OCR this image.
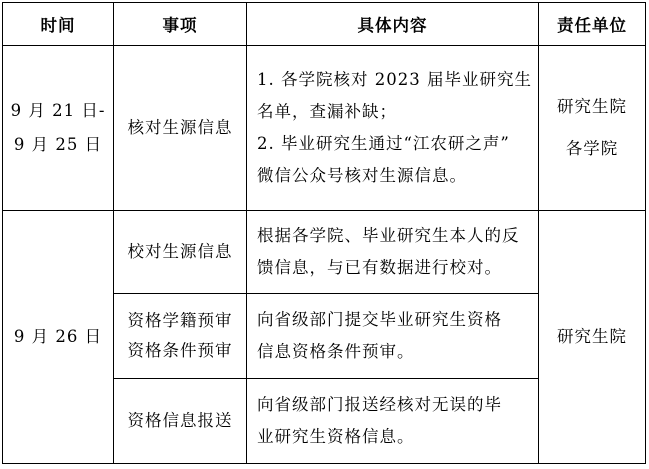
时间	事项	具体内容	责任单位

9 月 21 日-
9 月 25 日	核对生源信息	1. 各学院核对 2023 届毕业研究生
名单，查漏补缺；
2. 毕业研究生通过“江农研之声”
微信公众号核对生源信息。	研究生院
各学院

9 月 26 日	校对生源信息	根据各学院、毕业研究生本人的反
馈信息，与已有数据进行校对。	研究生院

	资格学籍预审
资格条件预审	向省级部门提交毕业研究生资格
信息资格条件预审。	

	资格信息报送	向省级部门报送经核对无误的毕
业研究生资格信息。	
